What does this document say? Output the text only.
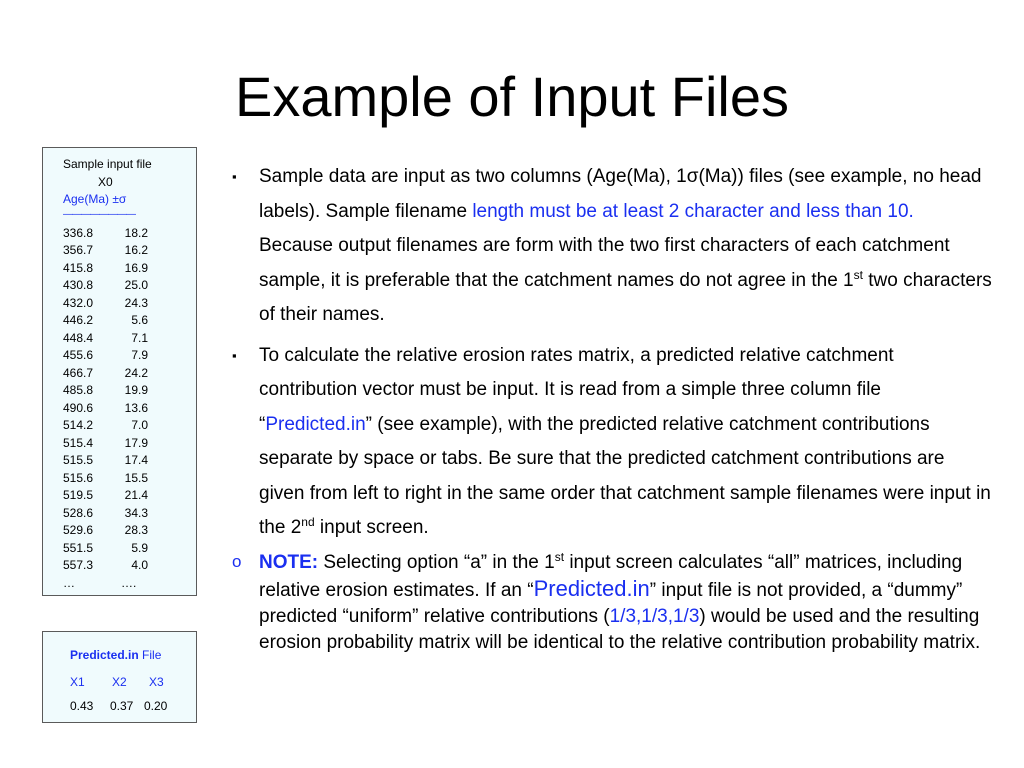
Example of Input Files
Sample input file
X0
Age(Ma) ±σ
————————
336.8	18.2
356.7	16.2
415.8	16.9
430.8	25.0
432.0	24.3
446.2	5.6
448.4	7.1
455.6	7.9
466.7	24.2
485.8	19.9
490.6	13.6
514.2	7.0
515.4	17.9
515.5	17.4
515.6	15.5
519.5	21.4
528.6	34.3
529.6	28.3
551.5	5.9
557.3	4.0
…	….
Predicted.in File
X1 X2 X3
0.43 0.37 0.20
▪ Sample data are input as two columns (Age(Ma), 1σ(Ma)) files (see example, no head labels). Sample filename length must be at least 2 character and less than 10. Because output filenames are form with the two first characters of each catchment sample, it is preferable that the catchment names do not agree in the 1st two characters of their names.
▪ To calculate the relative erosion rates matrix, a predicted relative catchment contribution vector must be input. It is read from a simple three column file “Predicted.in” (see example), with the predicted relative catchment contributions separate by space or tabs. Be sure that the predicted catchment contributions are given from left to right in the same order that catchment sample filenames were input in the 2nd input screen.
o NOTE: Selecting option “a” in the 1st input screen calculates “all” matrices, including relative erosion estimates. If an “Predicted.in” input file is not provided, a “dummy” predicted “uniform” relative contributions (1/3,1/3,1/3) would be used and the resulting erosion probability matrix will be identical to the relative contribution probability matrix.
